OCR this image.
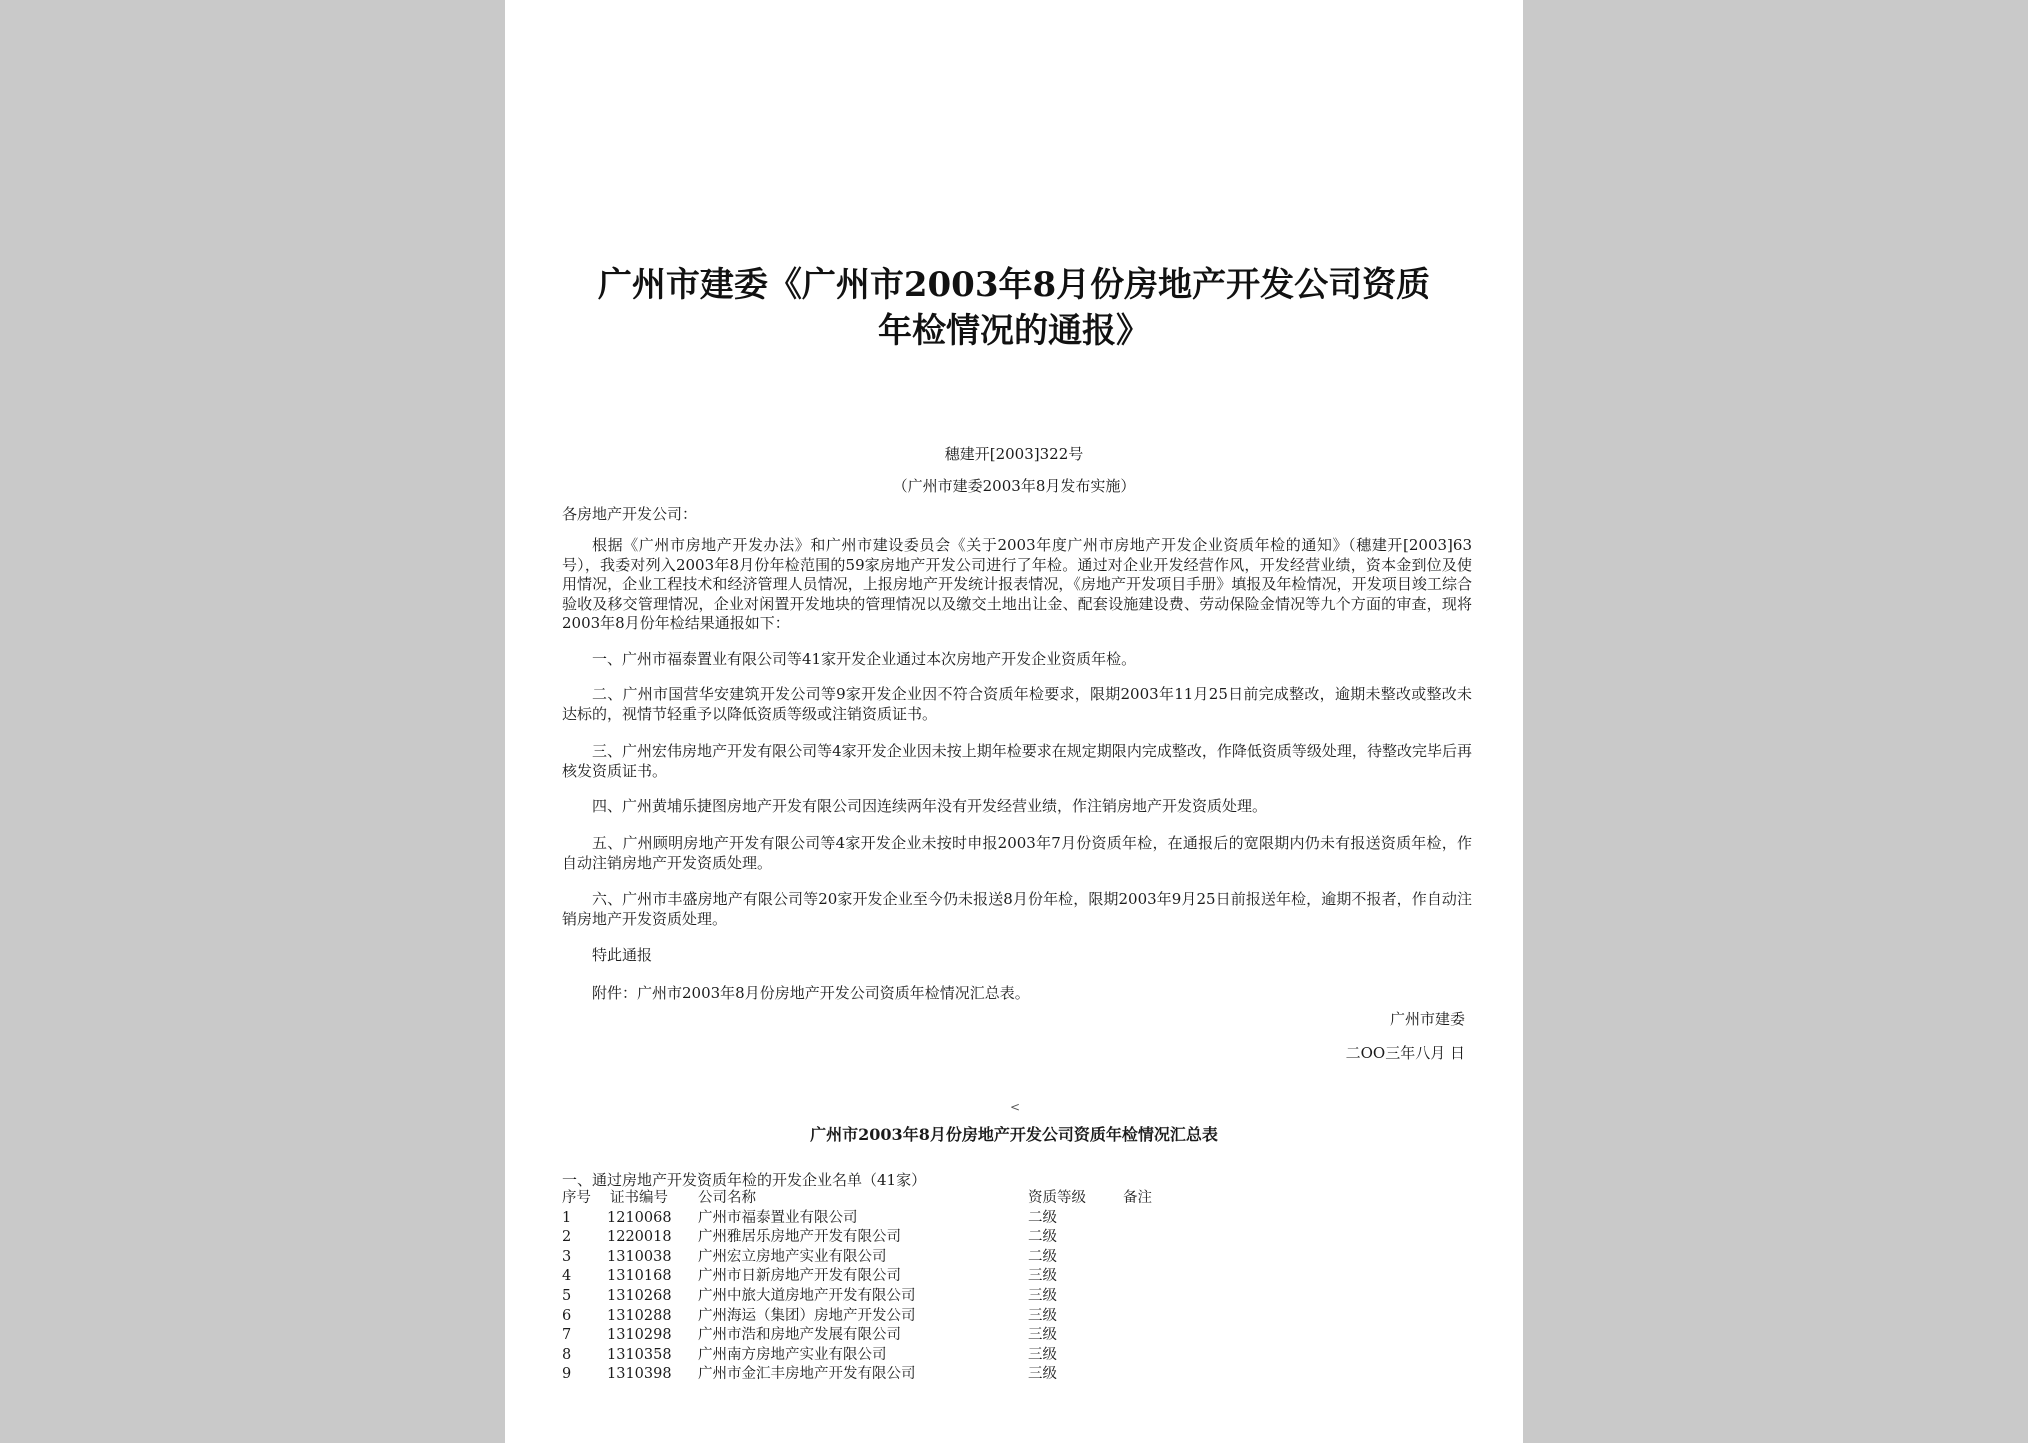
广州市建委《广州市2003年8月份房地产开发公司资质
年检情况的通报》
穗建开[2003]322号
（广州市建委2003年8月发布实施）
各房地产开发公司：

根据《广州市房地产开发办法》和广州市建设委员会《关于2003年度广州市房地产开发企业资质年检的通知》（穗建开[2003]63号），我委对列入2003年8月份年检范围的59家房地产开发公司进行了年检。通过对企业开发经营作风，开发经营业绩，资本金到位及使用情况，企业工程技术和经济管理人员情况，上报房地产开发统计报表情况，《房地产开发项目手册》填报及年检情况，开发项目竣工综合验收及移交管理情况，企业对闲置开发地块的管理情况以及缴交土地出让金、配套设施建设费、劳动保险金情况等九个方面的审查，现将2003年8月份年检结果通报如下：

一、广州市福泰置业有限公司等41家开发企业通过本次房地产开发企业资质年检。

二、广州市国营华安建筑开发公司等9家开发企业因不符合资质年检要求，限期2003年11月25日前完成整改，逾期未整改或整改未达标的，视情节轻重予以降低资质等级或注销资质证书。

三、广州宏伟房地产开发有限公司等4家开发企业因未按上期年检要求在规定期限内完成整改，作降低资质等级处理，待整改完毕后再核发资质证书。

四、广州黄埔乐捷图房地产开发有限公司因连续两年没有开发经营业绩，作注销房地产开发资质处理。

五、广州顾明房地产开发有限公司等4家开发企业未按时申报2003年7月份资质年检，在通报后的宽限期内仍未有报送资质年检，作自动注销房地产开发资质处理。

六、广州市丰盛房地产有限公司等20家开发企业至今仍未报送8月份年检，限期2003年9月25日前报送年检，逾期不报者，作自动注销房地产开发资质处理。

特此通报

附件：广州市2003年8月份房地产开发公司资质年检情况汇总表。

广州市建委
二OO三年八月 日
<
广州市2003年8月份房地产开发公司资质年检情况汇总表
一、通过房地产开发资质年检的开发企业名单（41家）
序号 证书编号 公司名称	资质等级	备注
1 1210068 广州市福泰置业有限公司	二级
2 1220018 广州雅居乐房地产开发有限公司	二级
3 1310038 广州宏立房地产实业有限公司	二级
4 1310168 广州市日新房地产开发有限公司	三级
5 1310268 广州中旅大道房地产开发有限公司	三级
6 1310288 广州海运（集团）房地产开发公司	三级
7 1310298 广州市浩和房地产发展有限公司	三级
8 1310358 广州南方房地产实业有限公司	三级
9 1310398 广州市金汇丰房地产开发有限公司	三级
